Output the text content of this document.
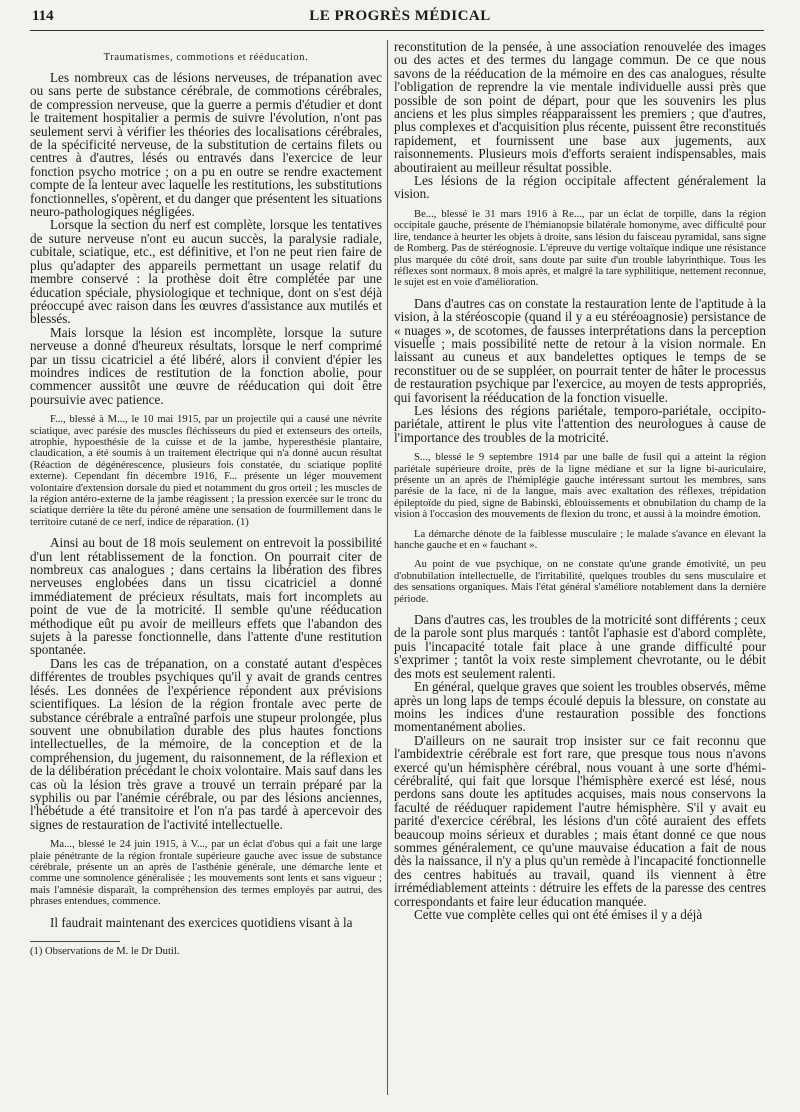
114	LE PROGRÈS MÉDICAL
Traumatismes, commotions et rééducation.

Les nombreux cas de lésions nerveuses, de trépanation avec ou sans perte de substance cérébrale, de commotions cérébrales, de compression nerveuse, que la guerre a permis d'étudier et dont le traitement hospitalier a permis de suivre l'évolution, n'ont pas seulement servi à vérifier les théories des localisations cérébrales, de la spécificité nerveuse, de la substitution de certains filets ou centres à d'autres, lésés ou entravés dans l'exercice de leur fonction psycho motrice ; on a pu en outre se rendre exactement compte de la lenteur avec laquelle les restitutions, les substitutions fonctionnelles, s'opèrent, et du danger que présentent les situations neuro-pathologiques négligées.

Lorsque la section du nerf est complète, lorsque les tentatives de suture nerveuse n'ont eu aucun succès, la paralysie radiale, cubitale, sciatique, etc., est définitive, et l'on ne peut rien faire de plus qu'adapter des appareils permettant un usage relatif du membre conservé : la prothèse doit être complétée par une éducation spéciale, physiologique et technique, dont on s'est déjà préoccupé avec raison dans les œuvres d'assistance aux mutilés et blessés.

Mais lorsque la lésion est incomplète, lorsque la suture nerveuse a donné d'heureux résultats, lorsque le nerf comprimé par un tissu cicatriciel a été libéré, alors il convient d'épier les moindres indices de restitution de la fonction abolie, pour commencer aussitôt une œuvre de rééducation qui doit être poursuivie avec patience.

F..., blessé à M..., le 10 mai 1915, par un projectile qui a causé une névrite sciatique, avec parésie des muscles fléchisseurs du pied et extenseurs des orteils, atrophie, hypoesthésie de la cuisse et de la jambe, hyperesthésie plantaire, claudication, a été soumis à un traitement électrique qui n'a donné aucun résultat (Réaction de dégénérescence, plusieurs fois constatée, du sciatique poplité externe). Cependant fin décembre 1916, F... présente un léger mouvement volontaire d'extension dorsale du pied et notamment du gros orteil ; les muscles de la région antéro-externe de la jambe réagissent ; la pression exercée sur le tronc du sciatique derrière la tête du péroné amène une sensation de fourmillement dans le territoire cutané de ce nerf, indice de réparation. (1)

Ainsi au bout de 18 mois seulement on entrevoit la possibilité d'un lent rétablissement de la fonction. On pourrait citer de nombreux cas analogues ; dans certains la libération des fibres nerveuses englobées dans un tissu cicatriciel a donné immédiatement de précieux résultats, mais fort incomplets au point de vue de la motricité. Il semble qu'une rééducation méthodique eût pu avoir de meilleurs effets que l'abandon des sujets à la paresse fonctionnelle, dans l'attente d'une restitution spontanée.

Dans les cas de trépanation, on a constaté autant d'espèces différentes de troubles psychiques qu'il y avait de grands centres lésés. Les données de l'expérience répondent aux prévisions scientifiques. La lésion de la région frontale avec perte de substance cérébrale a entraîné parfois une stupeur prolongée, plus souvent une obnubilation durable des plus hautes fonctions intellectuelles, de la mémoire, de la conception et de la compréhension, du jugement, du raisonnement, de la réflexion et de la délibération précédant le choix volontaire. Mais sauf dans les cas où la lésion très grave a trouvé un terrain préparé par la syphilis ou par l'anémie cérébrale, ou par des lésions anciennes, l'hébétude a été transitoire et l'on n'a pas tardé à apercevoir des signes de restauration de l'activité intellectuelle.

Ma..., blessé le 24 juin 1915, à V..., par un éclat d'obus qui a fait une large plaie pénétrante de la région frontale supérieure gauche avec issue de substance cérébrale, présente un an après de l'asthénie générale, une démarche lente et comme une somnolence généralisée ; les mouvements sont lents et sans vigueur ; mais l'amnésie disparaît, la compréhension des termes employés par autrui, des phrases entendues, commence.

Il faudrait maintenant des exercices quotidiens visant à la

(1) Observations de M. le Dr Dutil.

reconstitution de la pensée, à une association renouvelée des images ou des actes et des termes du langage commun. De ce que nous savons de la rééducation de la mémoire en des cas analogues, résulte l'obligation de reprendre la vie mentale individuelle aussi près que possible de son point de départ, pour que les souvenirs les plus anciens et les plus simples réapparaissent les premiers ; que d'autres, plus complexes et d'acquisition plus récente, puissent être reconstitués rapidement, et fournissent une base aux jugements, aux raisonnements. Plusieurs mois d'efforts seraient indispensables, mais aboutiraient au meilleur résultat possible.

Les lésions de la région occipitale affectent généralement la vision.

Be..., blessé le 31 mars 1916 à Re..., par un éclat de torpille, dans la région occipitale gauche, présente de l'hémianopsie bilatérale homonyme, avec difficulté pour lire, tendance à heurter les objets à droite, sans lésion du faisceau pyramidal, sans signe de Romberg. Pas de stéréognosie. L'épreuve du vertige voltaïque indique une résistance plus marquée du côté droit, sans doute par suite d'un trouble labyrinthique. Tous les réflexes sont normaux. 8 mois après, et malgré la tare syphilitique, nettement reconnue, le sujet est en voie d'amélioration.

Dans d'autres cas on constate la restauration lente de l'aptitude à la vision, à la stéréoscopie (quand il y a eu stéréoagnosie) persistance de « nuages », de scotomes, de fausses interprétations dans la perception visuelle ; mais possibilité nette de retour à la vision normale. En laissant au cuneus et aux bandelettes optiques le temps de se reconstituer ou de se suppléer, on pourrait tenter de hâter le processus de restauration psychique par l'exercice, au moyen de tests appropriés, qui favorisent la rééducation de la fonction visuelle.

Les lésions des régions pariétale, temporo-pariétale, occipito-pariétale, attirent le plus vite l'attention des neurologues à cause de l'importance des troubles de la motricité.

S..., blessé le 9 septembre 1914 par une balle de fusil qui a atteint la région pariétale supérieure droite, près de la ligne médiane et sur la ligne bi-auriculaire, présente un an après de l'hémiplégie gauche intéressant surtout les membres, sans parésie de la face, ni de la langue, mais avec exaltation des réflexes, trépidation épileptoïde du pied, signe de Babinski, éblouissements et obnubilation du champ de la vision à l'occasion des mouvements de flexion du tronc, et aussi à la moindre émotion.

La démarche dénote de la faiblesse musculaire ; le malade s'avance en élevant la hanche gauche et en « fauchant ».

Au point de vue psychique, on ne constate qu'une grande émotivité, un peu d'obnubilation intellectuelle, de l'irritabilité, quelques troubles du sens musculaire et des sensations organiques. Mais l'état général s'améliore notablement dans la dernière période.

Dans d'autres cas, les troubles de la motricité sont différents ; ceux de la parole sont plus marqués : tantôt l'aphasie est d'abord complète, puis l'incapacité totale fait place à une grande difficulté pour s'exprimer ; tantôt la voix reste simplement chevrotante, ou le débit des mots est seulement ralenti.

En général, quelque graves que soient les troubles observés, même après un long laps de temps écoulé depuis la blessure, on constate au moins les indices d'une restauration possible des fonctions momentanément abolies.

D'ailleurs on ne saurait trop insister sur ce fait reconnu que l'ambidextrie cérébrale est fort rare, que presque tous nous n'avons exercé qu'un hémisphère cérébral, nous vouant à une sorte d'hémi-cérébralité, qui fait que lorsque l'hémisphère exercé est lésé, nous perdons sans doute les aptitudes acquises, mais nous conservons la faculté de rééduquer rapidement l'autre hémisphère. S'il y avait eu parité d'exercice cérébral, les lésions d'un côté auraient des effets beaucoup moins sérieux et durables ; mais étant donné ce que nous sommes généralement, ce qu'une mauvaise éducation a fait de nous dès la naissance, il n'y a plus qu'un remède à l'incapacité fonctionnelle des centres habitués au travail, quand ils viennent à être irrémédiablement atteints : détruire les effets de la paresse des centres correspondants et faire leur éducation manquée.

Cette vue complète celles qui ont été émises il y a déjà
